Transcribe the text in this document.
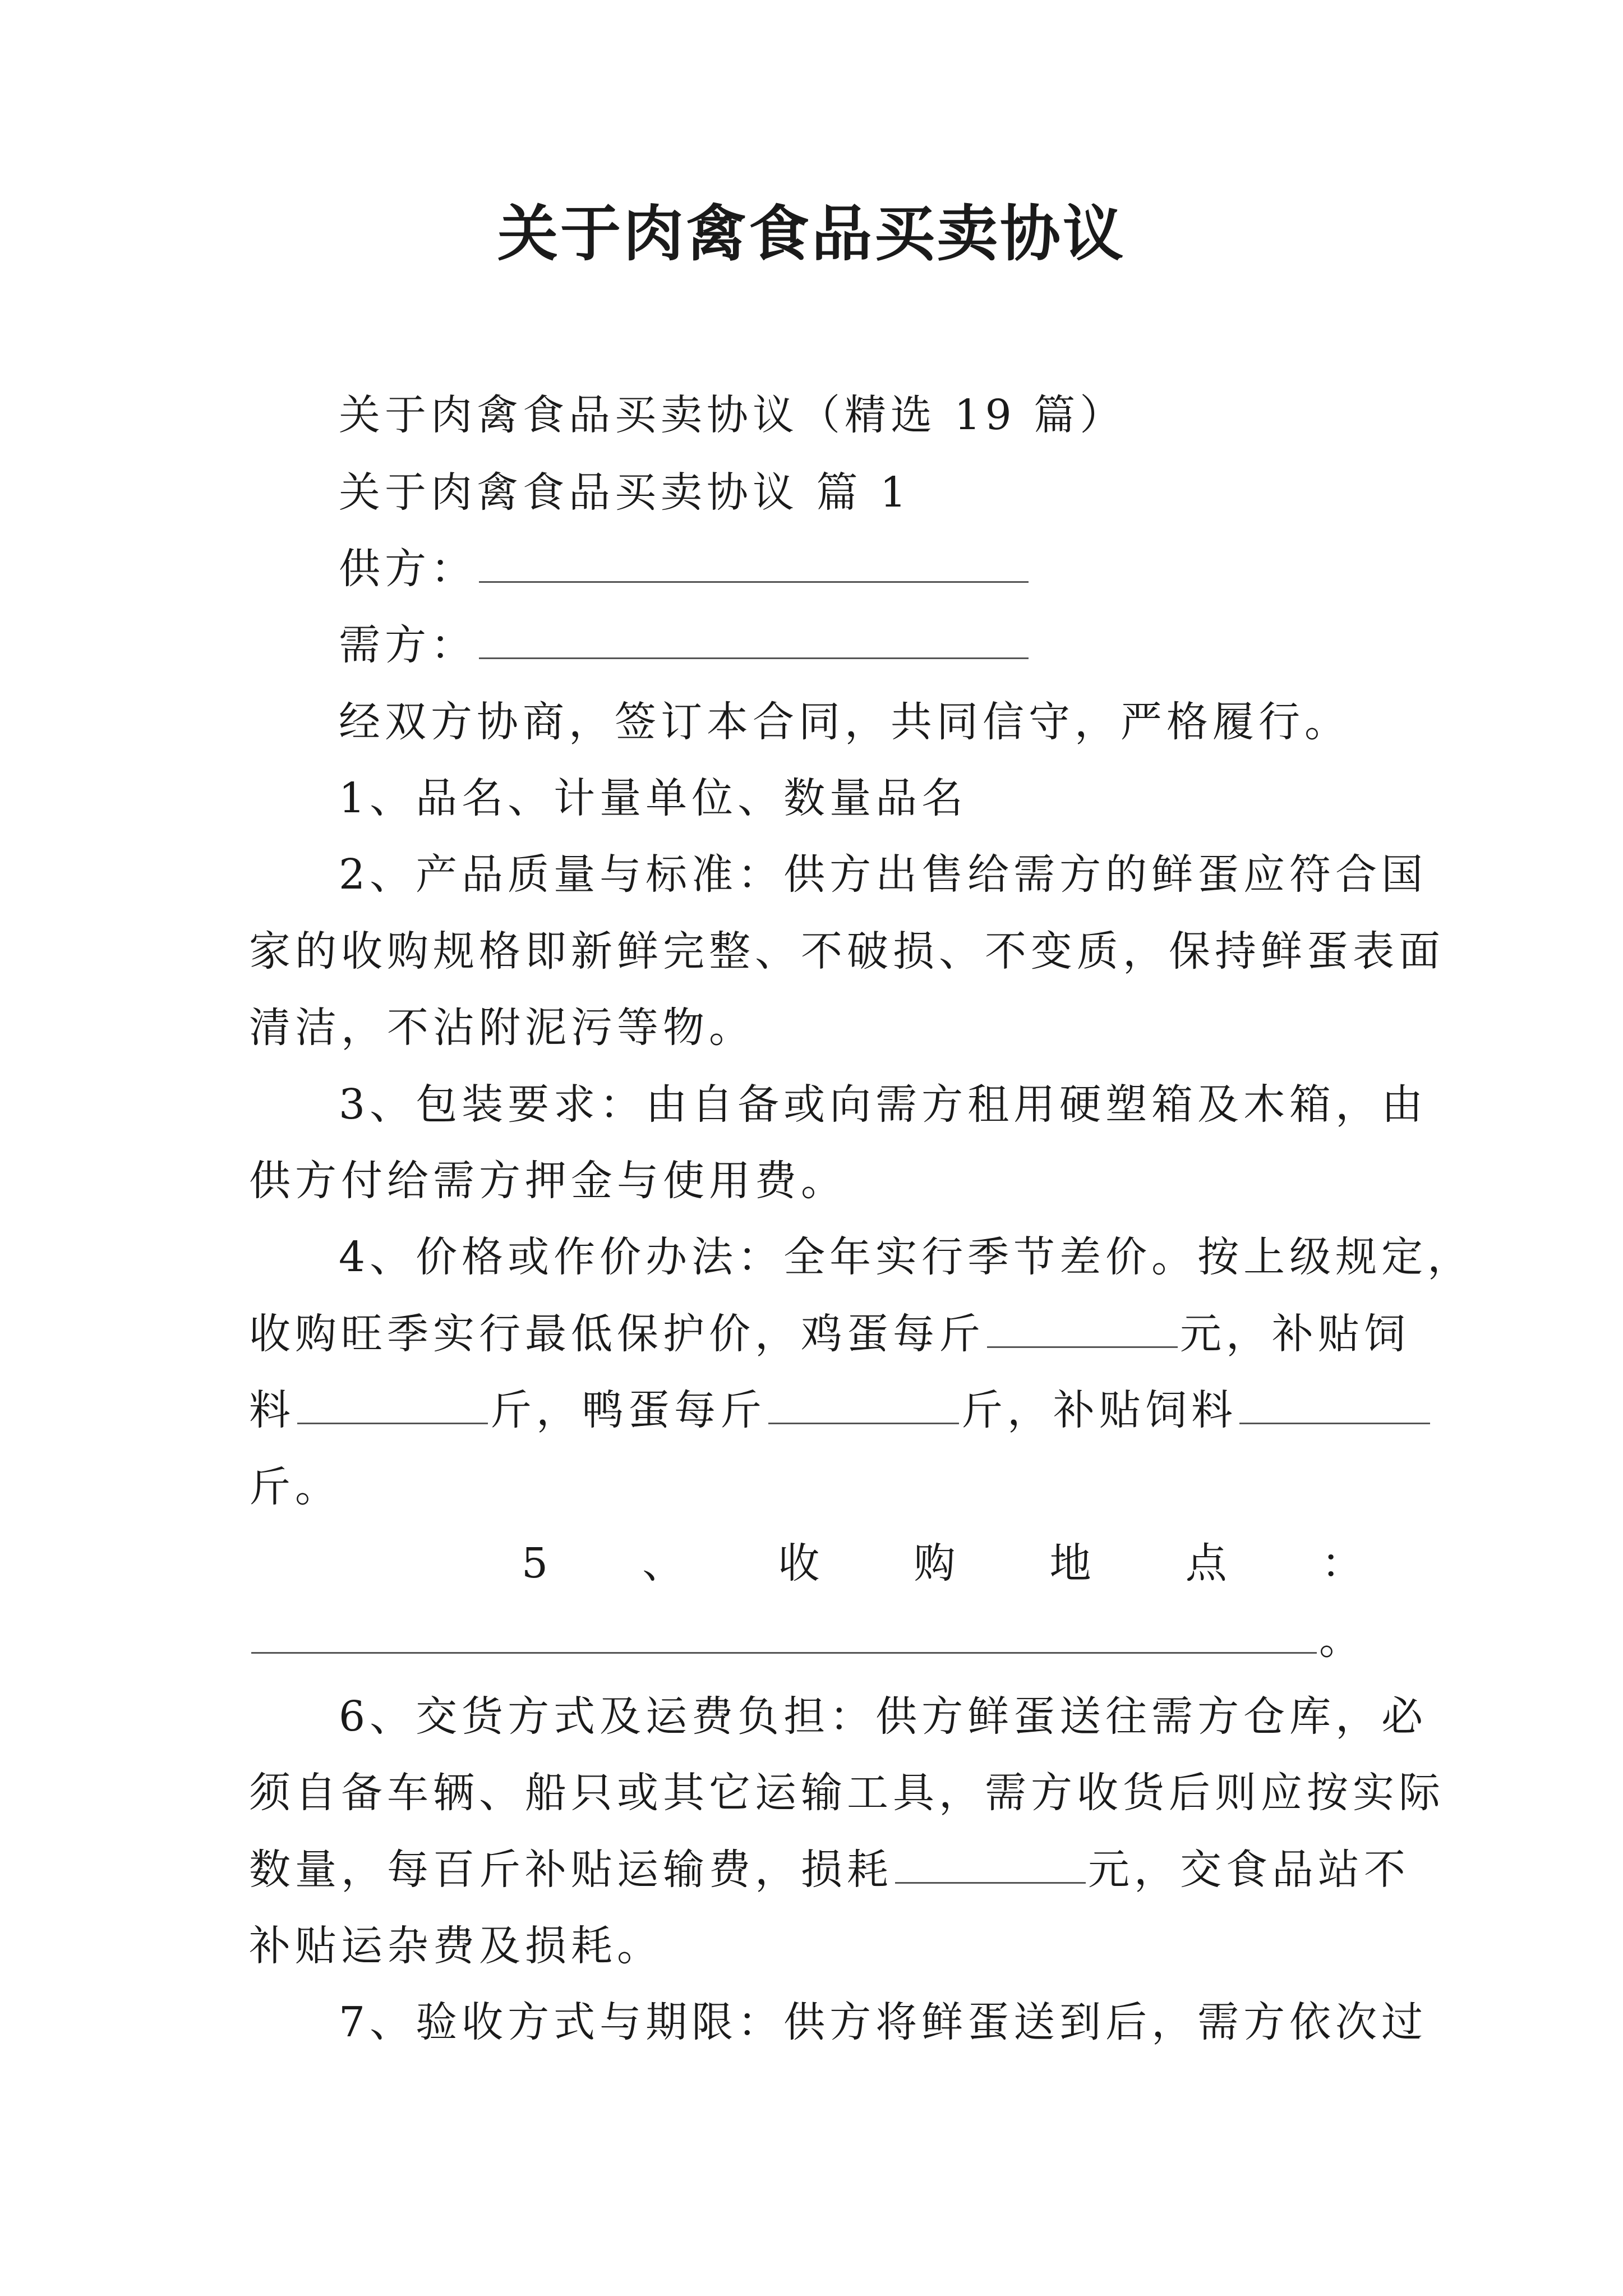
关于肉禽食品买卖协议
关于肉禽食品买卖协议（精选 19 篇）
关于肉禽食品买卖协议 篇 1
供方：
需方：
经双方协商，签订本合同，共同信守，严格履行。
1、品名、计量单位、数量品名
2、产品质量与标准：供方出售给需方的鲜蛋应符合国
家的收购规格即新鲜完整、不破损、不变质，保持鲜蛋表面
清洁，不沾附泥污等物。
3、包装要求：由自备或向需方租用硬塑箱及木箱，由
供方付给需方押金与使用费。
4、价格或作价办法：全年实行季节差价。按上级规定，
收购旺季实行最低保护价，鸡蛋每斤	元，补贴饲
料	斤，鸭蛋每斤	斤，补贴饲料
斤。
5 、 收 购 地 点 ：
。
6、交货方式及运费负担：供方鲜蛋送往需方仓库，必
须自备车辆、船只或其它运输工具，需方收货后则应按实际
数量，每百斤补贴运输费，损耗	元，交食品站不
补贴运杂费及损耗。
7、验收方式与期限：供方将鲜蛋送到后，需方依次过
